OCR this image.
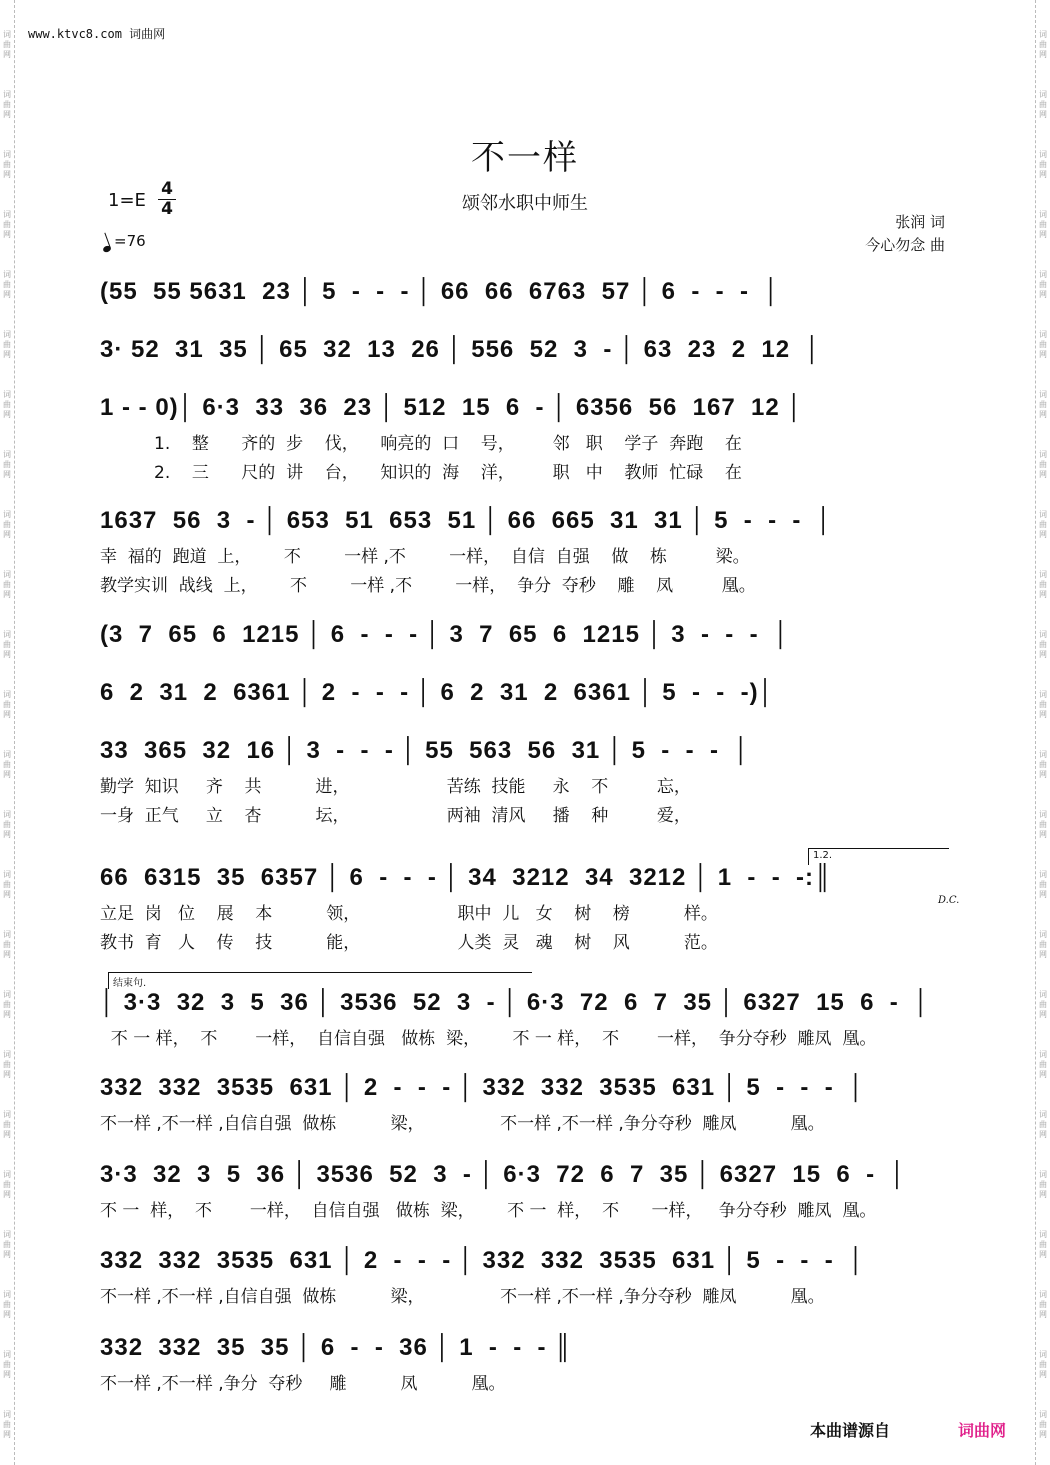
词曲网
词曲网
词曲网
词曲网
词曲网
词曲网
词曲网
词曲网
词曲网
词曲网
词曲网
词曲网
词曲网
词曲网
词曲网
词曲网
词曲网
词曲网
词曲网
词曲网
词曲网
词曲网
词曲网
词曲网
词曲网
词曲网
词曲网
词曲网
词曲网
词曲网
词曲网
词曲网
词曲网
词曲网
词曲网
词曲网
词曲网
词曲网
词曲网
词曲网
词曲网
词曲网
词曲网
词曲网
词曲网
词曲网
词曲网
词曲网
www.ktvc8.com 词曲网
不一样
颂邻水职中师生
$1=E \frac{4}{4}$
=76
张润 词
今心勿念 曲
(55  55 5631  23 │ 5  -  -  - │ 66  66  6763  57 │ 6  -  -  -  │
3· 52  31  35 │ 65  32  13  26 │ 556  52  3  - │ 63  23  2  12  │
1 - - 0)│ 6·3  33  36  23 │ 512  15  6  - │ 6356  56  167  12 │
1.    整      齐的  步    伐，    响亮的  口    号，       邻   职    学子  奔跑    在
2.    三      尺的  讲    台，    知识的  海    洋，       职   中    教师  忙碌    在
1637  56  3  - │ 653  51  653  51 │ 66  665  31  31 │ 5  -  -  -  │
幸  福的  跑道  上，      不        一样 ,不        一样，  自信  自强    做    栋         梁。
教学实训  战线  上，      不        一样 ,不        一样，  争分  夺秒    雕    凤         凰。
(3  7  65  6  1215 │ 6  -  -  - │ 3  7  65  6  1215 │ 3  -  -  -  │
6  2  31  2  6361 │ 2  -  -  - │ 6  2  31  2  6361 │ 5  -  -  -)│
33  365  32  16 │ 3  -  -  - │ 55  563  56  31 │ 5  -  -  -  │
勤学  知识     齐    共          进，                  苦练  技能     永    不         忘，
一身  正气     立    杏          坛，                  两袖  清风     播    种         爱，
66  6315  35  6357 │ 6  -  -  - │ 34  3212  34  3212 │ 1  -  -  -:║
立足  岗   位    展    本          领，                  职中  儿   女    树    榜          样。
教书  育   人    传    技          能，                  人类  灵   魂    树    风          范。
│ 3·3  32  3  5  36 │ 3536  52  3  - │ 6·3  72  6  7  35 │ 6327  15  6  -  │
不 一 样，  不       一样，  自信自强   做栋  梁，      不 一 样，  不       一样，  争分夺秒  雕凤  凰。
332  332  3535  631 │ 2  -  -  - │ 332  332  3535  631 │ 5  -  -  -  │
不一样 ,不一样 ,自信自强  做栋          梁，              不一样 ,不一样 ,争分夺秒  雕凤          凰。
3·3  32  3  5  36 │ 3536  52  3  - │ 6·3  72  6  7  35 │ 6327  15  6  -  │
不 一  样，  不       一样，  自信自强   做栋  梁，      不 一  样，  不      一样，   争分夺秒  雕凤  凰。
332  332  3535  631 │ 2  -  -  - │ 332  332  3535  631 │ 5  -  -  -  │
不一样 ,不一样 ,自信自强  做栋          梁，              不一样 ,不一样 ,争分夺秒  雕凤          凰。
332  332  35  35 │ 6  -  -  36 │ 1  -  -  - ║
不一样 ,不一样 ,争分  夺秒     雕          凤          凰。
1.2.
D.C.
结束句.
本曲谱源自	词曲网
